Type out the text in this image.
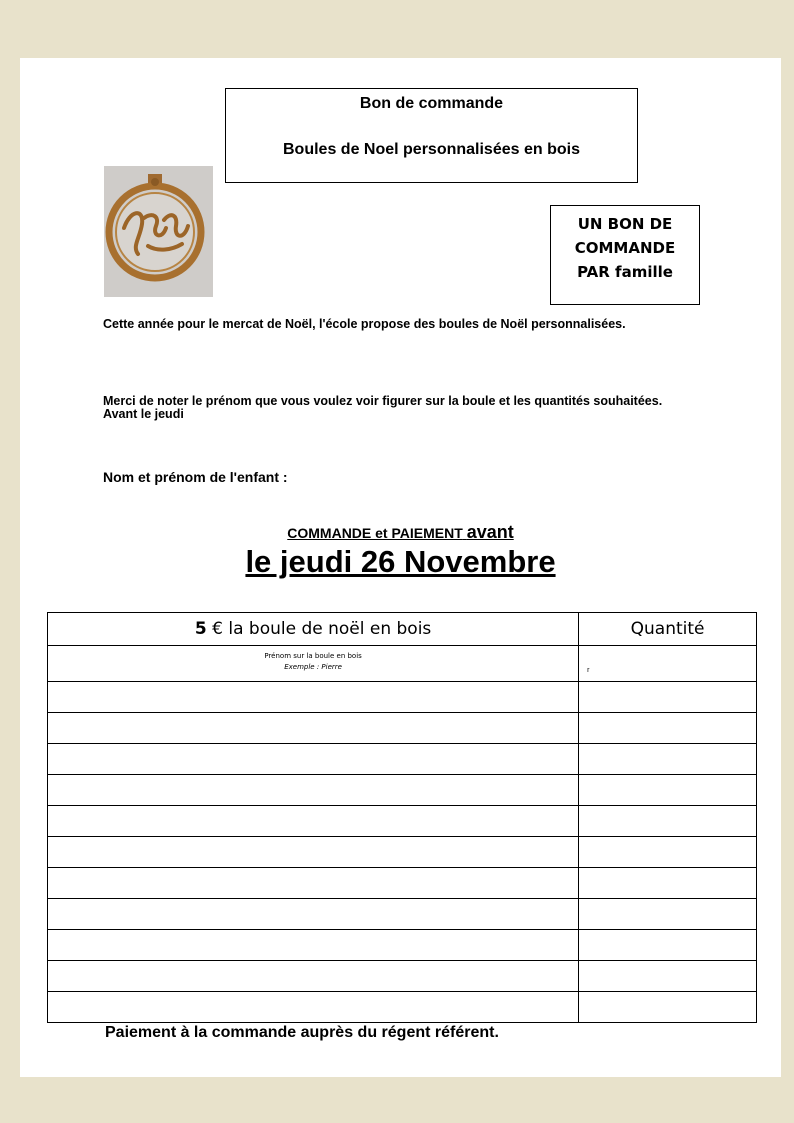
Bon de commande
Boules de Noel personnalisées en bois
UN BON DE
COMMANDE
PAR famille
Cette année pour le mercat de Noël, l'école propose des boules de Noël personnalisées.
Merci de noter le prénom que vous voulez voir figurer sur la boule et les quantités souhaitées.
Avant le jeudi
Nom et prénom de l'enfant :
COMMANDE et PAIEMENT avant
le jeudi 26 Novembre
5 € la boule de noël en bois	Quantité

Prénom sur la boule en bois
Exemple : Pierre	r

Paiement à la commande auprès du régent référent.
